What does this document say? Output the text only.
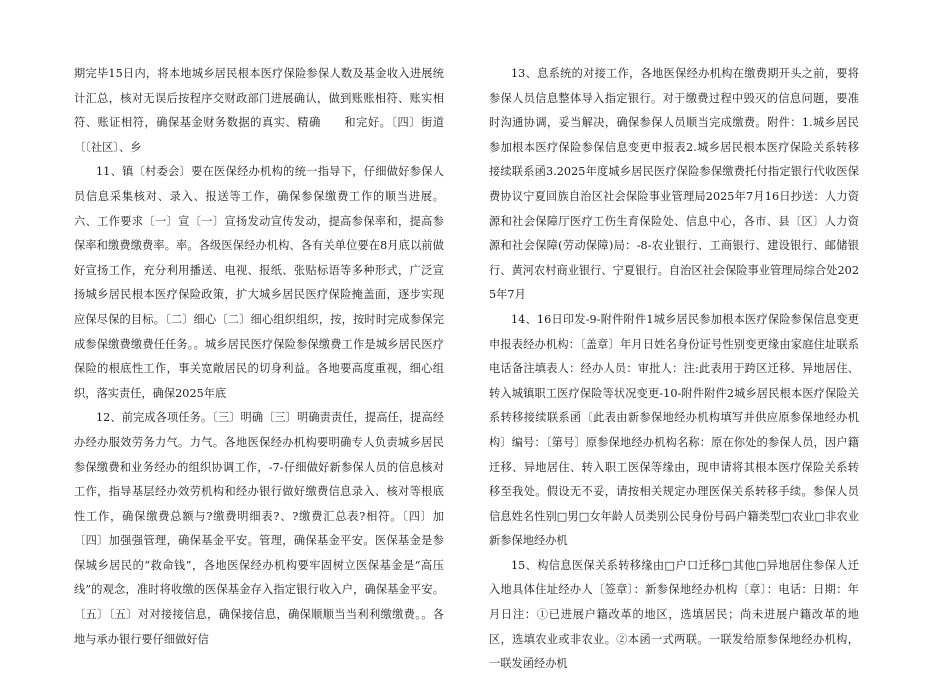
期完毕15日内，将本地城乡居民根本医疗保险参保人数及基金收入进展统计汇总，核对无误后按程序交财政部门进展确认，做到账账相符、账实相符、账证相符，确保基金财务数据的真实、精确　　和完好。〔四〕街道〔〔社区〕、乡

11、镇〔村委会〕要在医保经办机构的统一指导下，仔细做好参保人员信息采集核对、录入、报送等工作，确保参保缴费工作的顺当进展。六、工作要求〔一〕宣〔一〕宣扬发动宣传发动，提高参保率和，提高参保率和缴费缴费率。率。各级医保经办机构、各有关单位要在8月底以前做好宣扬工作，充分利用播送、电视、报纸、张贴标语等多种形式，广泛宣扬城乡居民根本医疗保险政策，扩大城乡居民医疗保险掩盖面，逐步实现应保尽保的目标。〔二〕细心〔二〕细心组织组织，按，按时时完成参保完成参保缴费缴费任任务。。城乡居民医疗保险参保缴费工作是城乡居民医疗保险的根底性工作，事关宽敞居民的切身利益。各地要高度重视，细心组织，落实责任，确保2025年底

12、前完成各项任务。〔三〕明确〔三〕明确责责任，提高任，提高经办经办服效劳务力气。力气。各地医保经办机构要明确专人负责城乡居民参保缴费和业务经办的组织协调工作，-7-仔细做好新参保人员的信息核对工作，指导基层经办效劳机构和经办银行做好缴费信息录入、核对等根底性工作，确保缴费总额与?缴费明细表?、?缴费汇总表?相符。〔四〕加〔四〕加强强管理，确保基金平安。管理，确保基金平安。医保基金是参保城乡居民的“救命钱”，各地医保经办机构要牢固树立医保基金是“高压线”的观念，准时将收缴的医保基金存入指定银行收入户，确保基金平安。〔五〕〔五〕对对接接信息，确保接信息，确保顺顺当当利利缴缴费。。各地与承办银行要仔细做好信

13、息系统的对接工作，各地医保经办机构在缴费期开头之前，要将参保人员信息整体导入指定银行。对于缴费过程中毁灭的信息问题，要准时沟通协调，妥当解决，确保参保人员顺当完成缴费。附件：1.城乡居民参加根本医疗保险参保信息变更申报表2.城乡居民根本医疗保险关系转移接续联系函3.2025年度城乡居民医疗保险参保缴费托付指定银行代收医保费协议宁夏回族自治区社会保险事业管理局2025年7月16日抄送：人力资源和社会保障厅医疗工伤生育保险处、信息中心，各市、县〔区〕人力资源和社会保障(劳动保障)局：-8-农业银行、工商银行、建设银行、邮储银行、黄河农村商业银行、宁夏银行。自治区社会保险事业管理局综合处2025年7月

14、16日印发-9-附件附件1城乡居民参加根本医疗保险参保信息变更申报表经办机构：〔盖章〕年月日姓名身份证号性别变更缘由家庭住址联系电话备注填表人：经办人员：审批人：注:此表用于跨区迁移、异地居住、转入城镇职工医疗保险等状况变更-10-附件附件2城乡居民根本医疗保险关系转移接续联系函〔此表由新参保地经办机构填写并供应原参保地经办机构〕编号：〔第号〕原参保地经办机构名称：原在你处的参保人员，因户籍迁移、异地居住、转入职工医保等缘由，现申请将其根本医疗保险关系转移至我处。假设无不妥，请按相关规定办理医保关系转移手续。参保人员信息姓名性别□男□女年龄人员类别公民身份号码户籍类型□农业□非农业新参保地经办机

15、构信息医保关系转移缘由□户口迁移□其他□异地居住参保人迁入地具体住址经办人〔签章〕：新参保地经办机构〔章〕：电话：日期：年月日注：①已进展户籍改革的地区，选填居民；尚未进展户籍改革的地区，选填农业或非农业。②本函一式两联。一联发给原参保地经办机构，一联发函经办机
